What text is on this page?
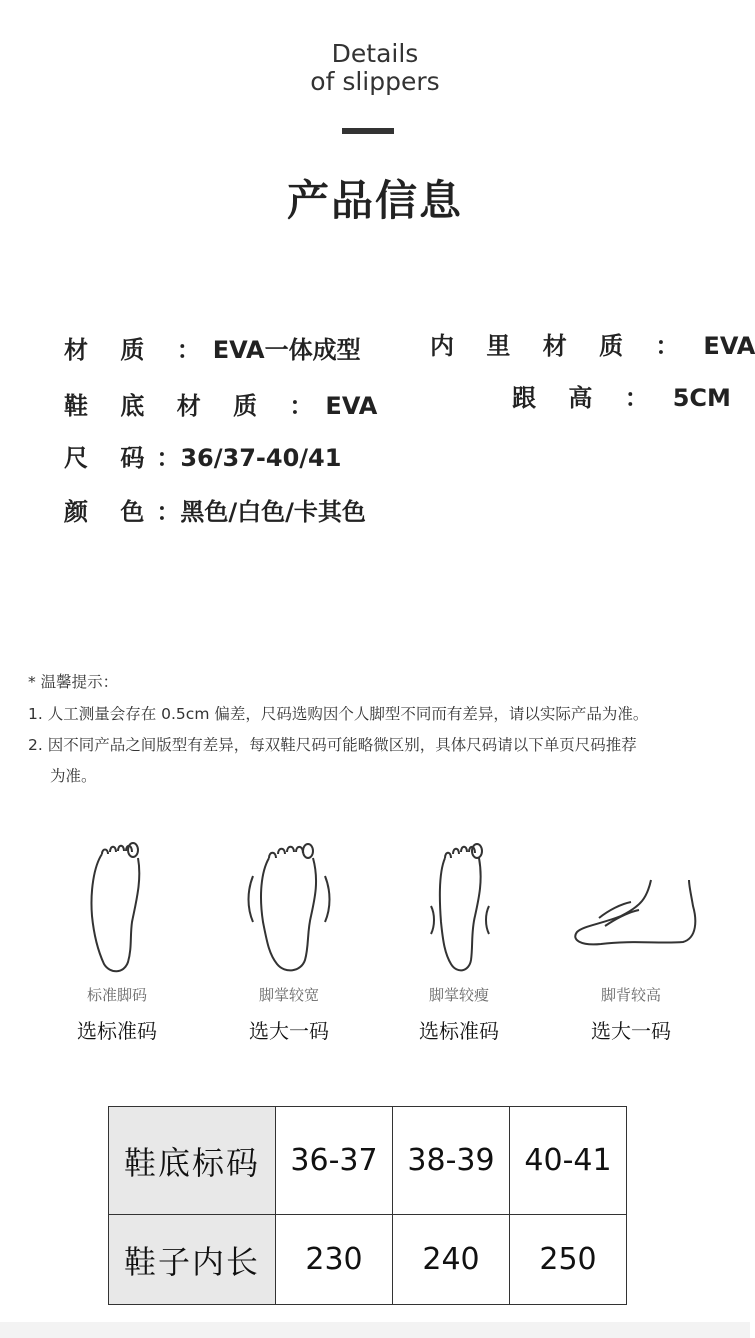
Details
of slippers
产品信息
材 质 ：EVA一体成型	内 里 材 质 ： EVA
鞋 底 材 质 ：EVA	跟 高 ： 5CM
尺 码：36/37-40/41
颜 色：黑色/白色/卡其色
* 温馨提示：
1. 人工测量会存在 0.5cm 偏差，尺码选购因个人脚型不同而有差异，请以实际产品为准。
2. 因不同产品之间版型有差异，每双鞋尺码可能略微区别，具体尺码请以下单页尺码推荐
为准。
标准脚码
选标准码
脚掌较宽
选大一码
脚掌较瘦
选标准码
脚背较高
选大一码
鞋底标码	36-37	38-39	40-41
鞋子内长	230	240	250
